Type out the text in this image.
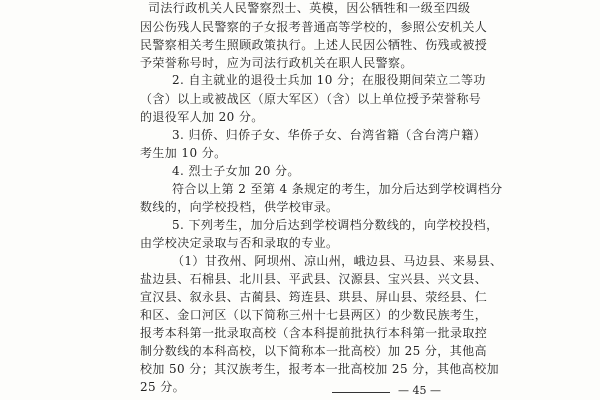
司法行政机关人民警察烈士、英模，因公牺牲和一级至四级
因公伤残人民警察的子女报考普通高等学校的，参照公安机关人
民警察相关考生照顾政策执行。上述人民因公牺牲、伤残或被授
予荣誉称号时，应为司法行政机关在职人民警察。
2. 自主就业的退役士兵加 10 分；在服役期间荣立二等功
（含）以上或被战区（原大军区）（含）以上单位授予荣誉称号
的退役军人加 20 分。
3. 归侨、归侨子女、华侨子女、台湾省籍（含台湾户籍）
考生加 10 分。
4. 烈士子女加 20 分。
符合以上第 2 至第 4 条规定的考生，加分后达到学校调档分
数线的，向学校投档，供学校审录。
5. 下列考生，加分后达到学校调档分数线的，向学校投档，
由学校决定录取与否和录取的专业。
（1）甘孜州、阿坝州、凉山州，峨边县、马边县、来易县、
盐边县、石棉县、北川县、平武县、汉源县、宝兴县、兴文县、
宣汉县、叙永县、古蔺县、筠连县、珙县、屏山县、荥经县、仁
和区、金口河区（以下简称三州十七县两区）的少数民族考生，
报考本科第一批录取高校（含本科提前批执行本科第一批录取控
制分数线的本科高校，以下简称本一批高校）加 25 分，其他高
校加 50 分；其汉族考生，报考本一批高校加 25 分，其他高校加
25 分。	— 45 —
